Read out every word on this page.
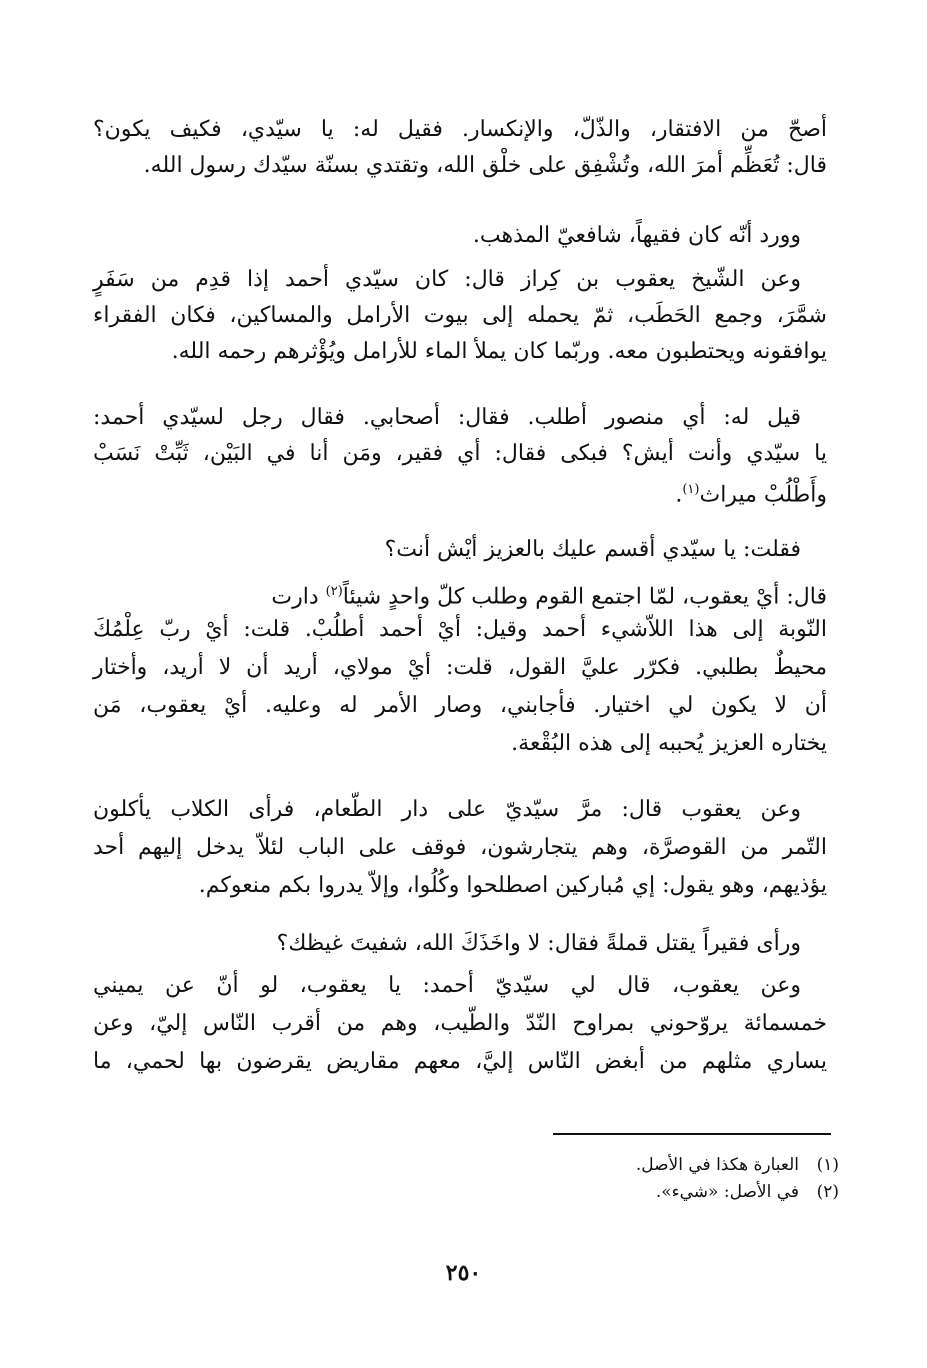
أصحّ من الافتقار، والذّلّ، والإنكسار. فقيل له: يا سيّدي، فكيف يكون؟
قال: تُعَظِّم أمرَ الله، وتُشْفِق على خلْق الله، وتقتدي بسنّة سيّدك رسول الله.
وورد أنّه كان فقيهاً، شافعيّ المذهب.
وعن الشّيخ يعقوب بن كِراز قال: كان سيّدي أحمد إذا قدِم من سَفَرٍ
شمَّرَ، وجمع الحَطَب، ثمّ يحمله إلى بيوت الأرامل والمساكين، فكان الفقراء
يوافقونه ويحتطبون معه. وربّما كان يملأ الماء للأرامل ويُؤْثرهم رحمه الله.
قيل له: أي منصور أطلب. فقال: أصحابي. فقال رجل لسيّدي أحمد:
يا سيّدي وأنت أيش؟ فبكى فقال: أي فقير، ومَن أنا في البَيْن، ثَبِّتْ نَسَبْ
وأَطْلُبْ ميراث$^{(١)}$.
فقلت: يا سيّدي أقسم عليك بالعزيز أيْش أنت؟
قال: أيْ يعقوب، لمّا اجتمع القوم وطلب كلّ واحدٍ شيئاً$^{(٢)}$ دارت
النّوبة إلى هذا اللاّشيء أحمد وقيل: أيْ أحمد أطلُبْ. قلت: أيْ ربّ عِلْمُكَ
محيطٌ بطلبي. فكرّر عليَّ القول، قلت: أيْ مولاي، أريد أن لا أريد، وأختار
أن لا يكون لي اختيار. فأجابني، وصار الأمر له وعليه. أيْ يعقوب، مَن
يختاره العزيز يُحببه إلى هذه البُقْعة.
وعن يعقوب قال: مرَّ سيّديّ على دار الطّعام، فرأى الكلاب يأكلون
التّمر من القوصرَّة، وهم يتجارشون، فوقف على الباب لئلاّ يدخل إليهم أحد
يؤذيهم، وهو يقول: إي مُباركين اصطلحوا وكُلُوا، وإلاّ يدروا بكم منعوكم.
ورأى فقيراً يقتل قملةً فقال: لا واخَذَكَ الله، شفيتَ غيظك؟
وعن يعقوب، قال لي سيّديّ أحمد: يا يعقوب، لو أنّ عن يميني
خمسمائة يروّحوني بمراوح النّدّ والطّيب، وهم من أقرب النّاس إليّ، وعن
يساري مثلهم من أبغض النّاس إليَّ، معهم مقاريض يقرضون بها لحمي، ما
(١)العبارة هكذا في الأصل.
(٢)في الأصل: «شيء».
٢٥٠
